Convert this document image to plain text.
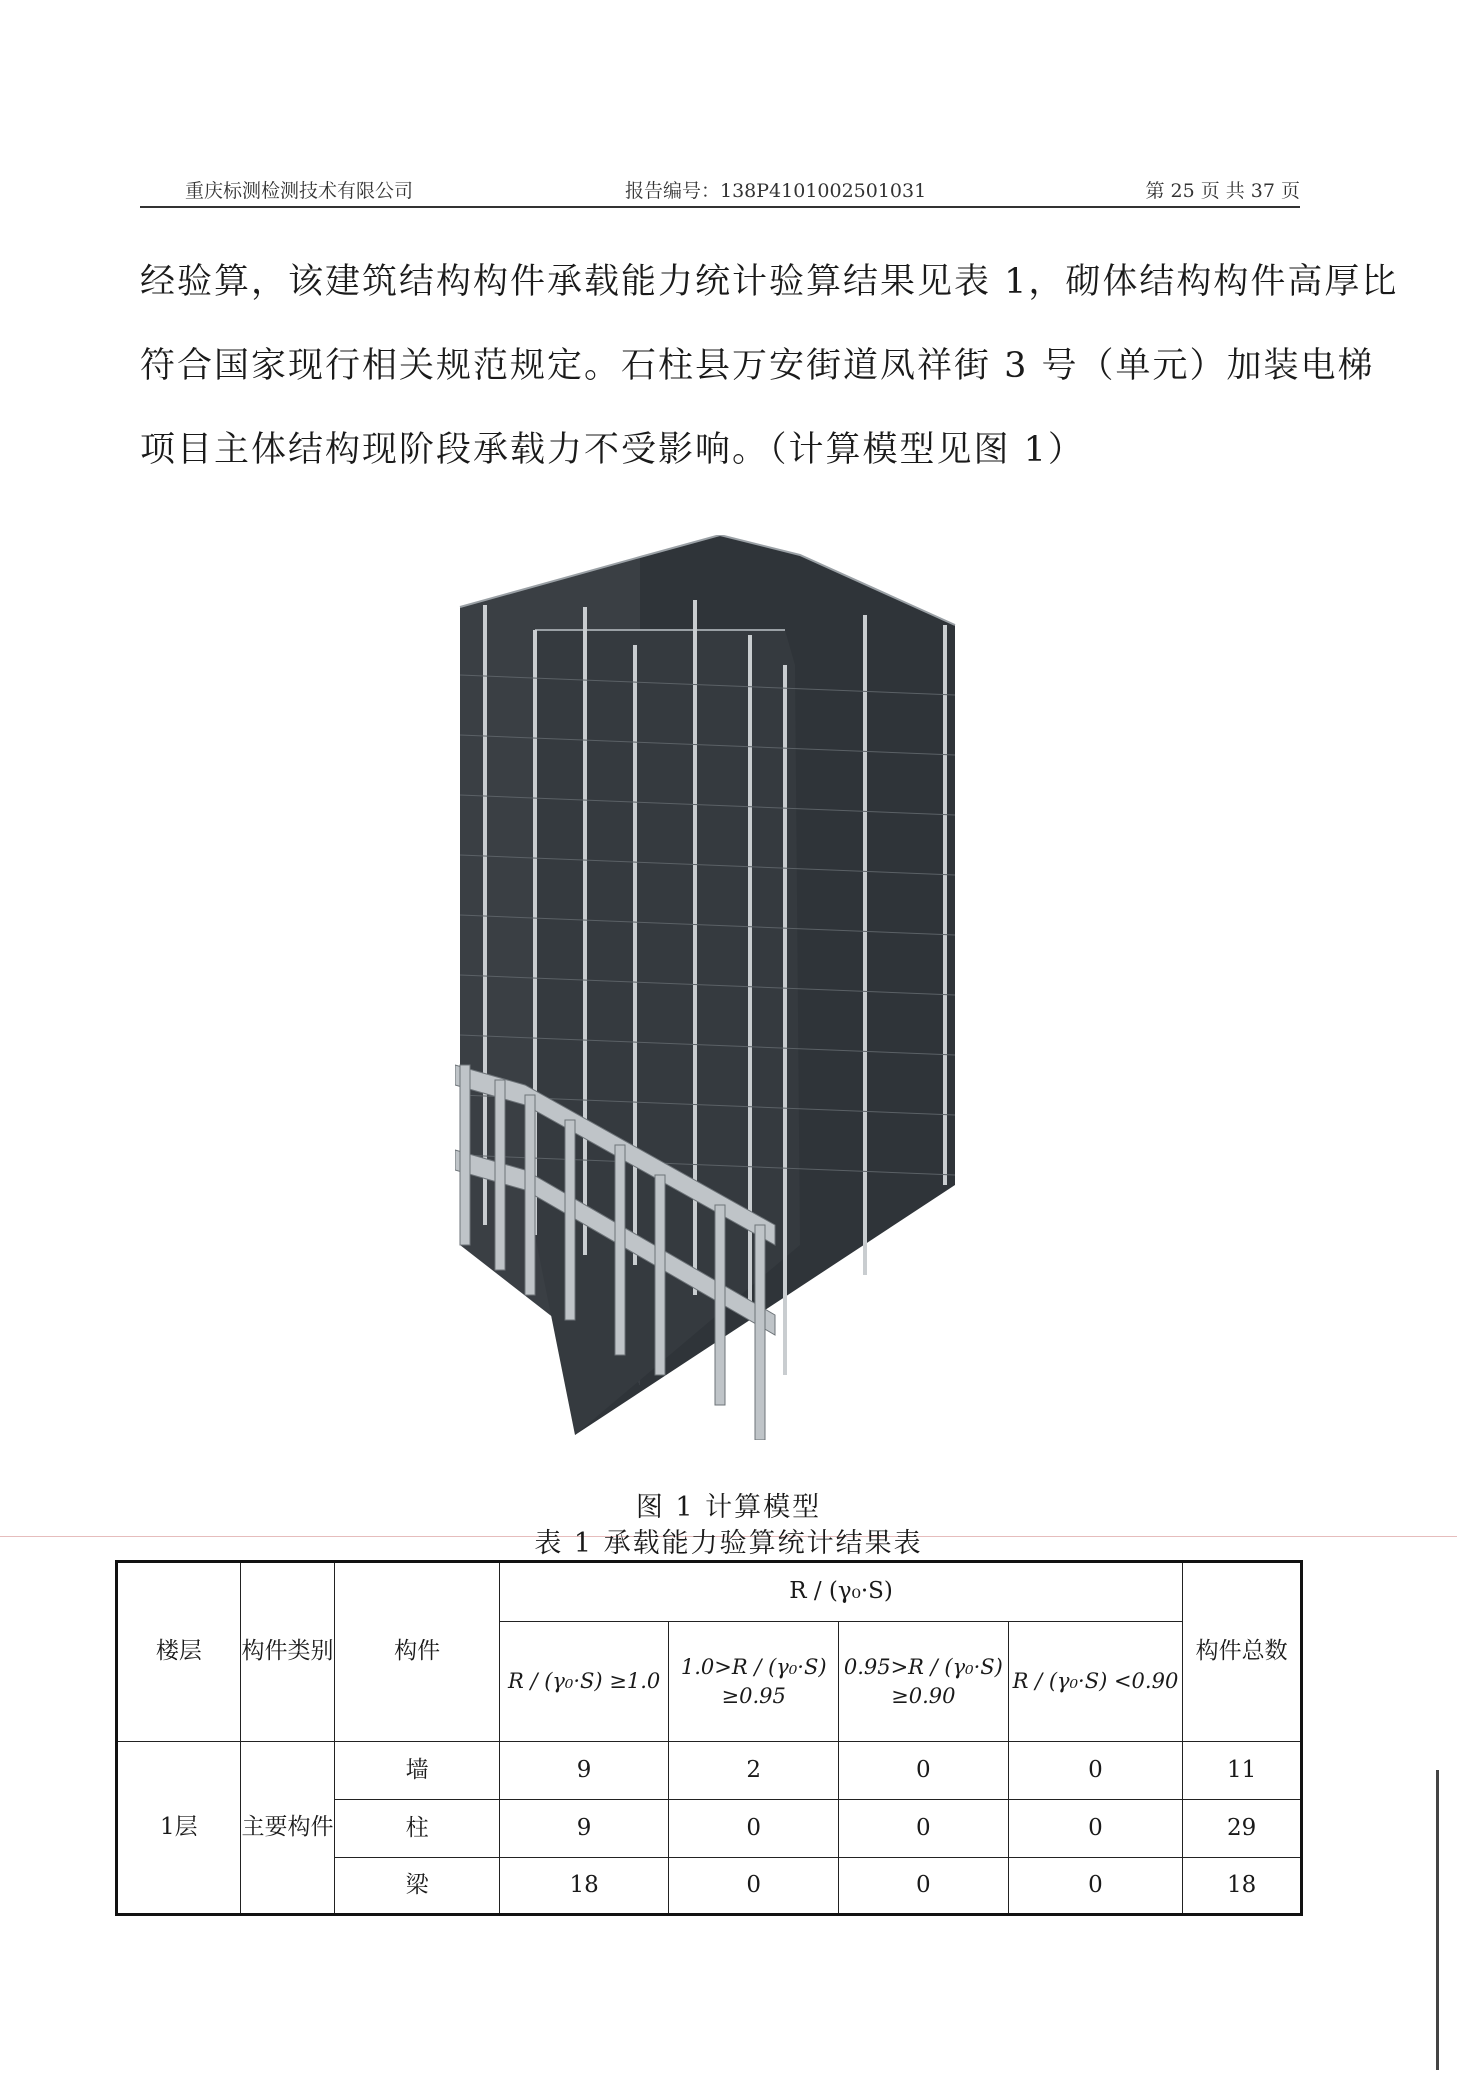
重庆标测检测技术有限公司	报告编号：138P4101002501031	第 25 页 共 37 页
经验算，该建筑结构构件承载能力统计验算结果见表 1，砌体结构构件高厚比
符合国家现行相关规范规定。石柱县万安街道凤祥街 3 号（单元）加装电梯
项目主体结构现阶段承载力不受影响。（计算模型见图 1）
图 1 计算模型
表 1 承载能力验算统计结果表
楼层	构件类别	构件	R / (γ₀·S)				构件总数
			R / (γ₀·S) ≥1.0	1.0>R / (γ₀·S) ≥0.95	0.95>R / (γ₀·S) ≥0.90	R / (γ₀·S) <0.90	
1层	主要构件	墙	9	2	0	0	11
		柱	9	0	0	0	29
		梁	18	0	0	0	18
